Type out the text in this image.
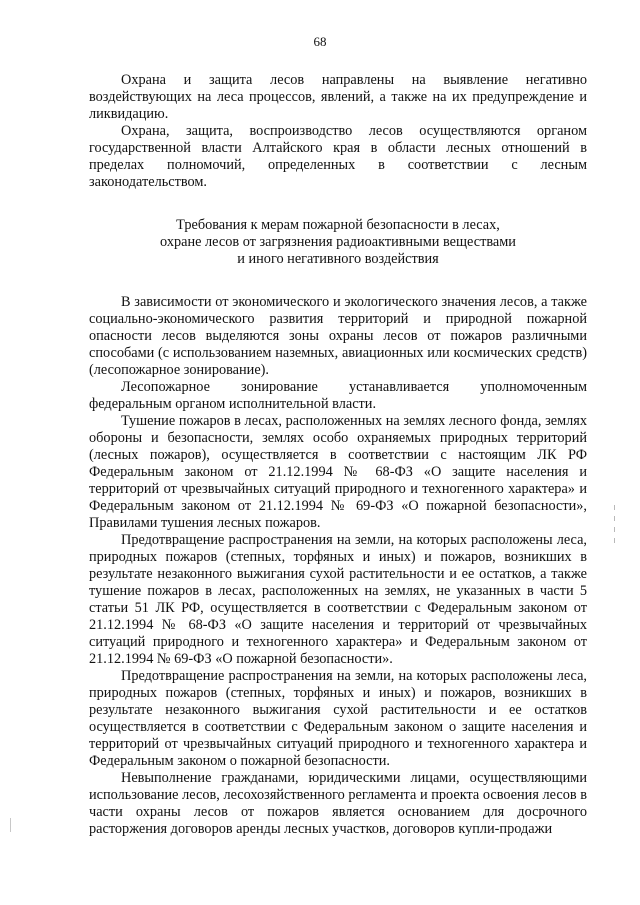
68

Охрана и защита лесов направлены на выявление негативно воздействующих на леса процессов, явлений, а также на их предупреждение и ликвидацию.

Охрана, защита, воспроизводство лесов осуществляются органом государственной власти Алтайского края в области лесных отношений в пределах полномочий, определенных в соответствии с лесным законодательством.

Требования к мерам пожарной безопасности в лесах,
охране лесов от загрязнения радиоактивными веществами
и иного негативного воздействия

В зависимости от экономического и экологического значения лесов, а также социально-экономического развития территорий и природной пожарной опасности лесов выделяются зоны охраны лесов от пожаров различными способами (с использованием наземных, авиационных или космических средств) (лесопожарное зонирование).

Лесопожарное зонирование устанавливается уполномоченным федеральным органом исполнительной власти.

Тушение пожаров в лесах, расположенных на землях лесного фонда, землях обороны и безопасности, землях особо охраняемых природных территорий (лесных пожаров), осуществляется в соответствии с настоящим ЛК РФ Федеральным законом от 21.12.1994 № 68-ФЗ «О защите населения и территорий от чрезвычайных ситуаций природного и техногенного характера» и Федеральным законом от 21.12.1994 № 69-ФЗ «О пожарной безопасности», Правилами тушения лесных пожаров.

Предотвращение распространения на земли, на которых расположены леса, природных пожаров (степных, торфяных и иных) и пожаров, возникших в результате незаконного выжигания сухой растительности и ее остатков, а также тушение пожаров в лесах, расположенных на землях, не указанных в части 5 статьи 51 ЛК РФ, осуществляется в соответствии с Федеральным законом от 21.12.1994 № 68-ФЗ «О защите населения и территорий от чрезвычайных ситуаций природного и техногенного характера» и Федеральным законом от 21.12.1994 № 69-ФЗ «О пожарной безопасности».

Предотвращение распространения на земли, на которых расположены леса, природных пожаров (степных, торфяных и иных) и пожаров, возникших в результате незаконного выжигания сухой растительности и ее остатков осуществляется в соответствии с Федеральным законом о защите населения и территорий от чрезвычайных ситуаций природного и техногенного характера и Федеральным законом о пожарной безопасности.

Невыполнение гражданами, юридическими лицами, осуществляющими использование лесов, лесохозяйственного регламента и проекта освоения лесов в части охраны лесов от пожаров является основанием для досрочного расторжения договоров аренды лесных участков, договоров купли-продажи
